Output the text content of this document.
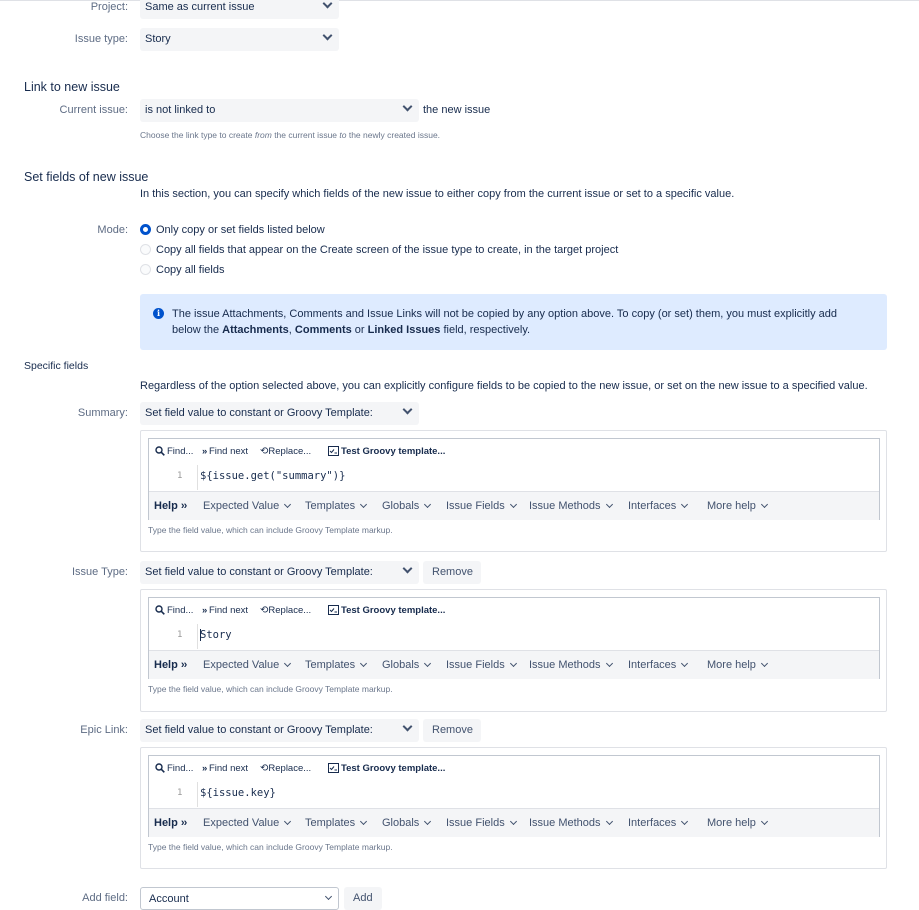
Project:	Same as current issue
Issue type:	Story
Link to new issue
Current issue:	is not linked to	the new issue
Choose the link type to create from the current issue to the newly created issue.
Set fields of new issue
In this section, you can specify which fields of the new issue to either copy from the current issue or set to a specific value.
Mode:	Only copy or set fields listed below
Copy all fields that appear on the Create screen of the issue type to create, in the target project
Copy all fields
i	The issue Attachments, Comments and Issue Links will not be copied by any option above. To copy (or set) them, you must explicitly add
below the Attachments, Comments or Linked Issues field, respectively.
Specific fields
Regardless of the option selected above, you can explicitly configure fields to be copied to the new issue, or set on the new issue to a specified value.
Summary:	Set field value to constant or Groovy Template:
Find... ›› Find next ⟲Replace...	Test Groovy template...
1 ${issue.get("summary")}
Help ›› Expected Value	Templates	Globals	Issue Fields	Issue Methods	Interfaces	More help
Type the field value, which can include Groovy Template markup.
Issue Type:	Set field value to constant or Groovy Template:	Remove
Find... ›› Find next ⟲Replace...	Test Groovy template...
1 Story
Help ›› Expected Value	Templates	Globals	Issue Fields	Issue Methods	Interfaces	More help
Type the field value, which can include Groovy Template markup.
Epic Link:	Set field value to constant or Groovy Template:	Remove
Find... ›› Find next ⟲Replace...	Test Groovy template...
1 ${issue.key}
Help ›› Expected Value	Templates	Globals	Issue Fields	Issue Methods	Interfaces	More help
Type the field value, which can include Groovy Template markup.
Add field:	Account	Add
